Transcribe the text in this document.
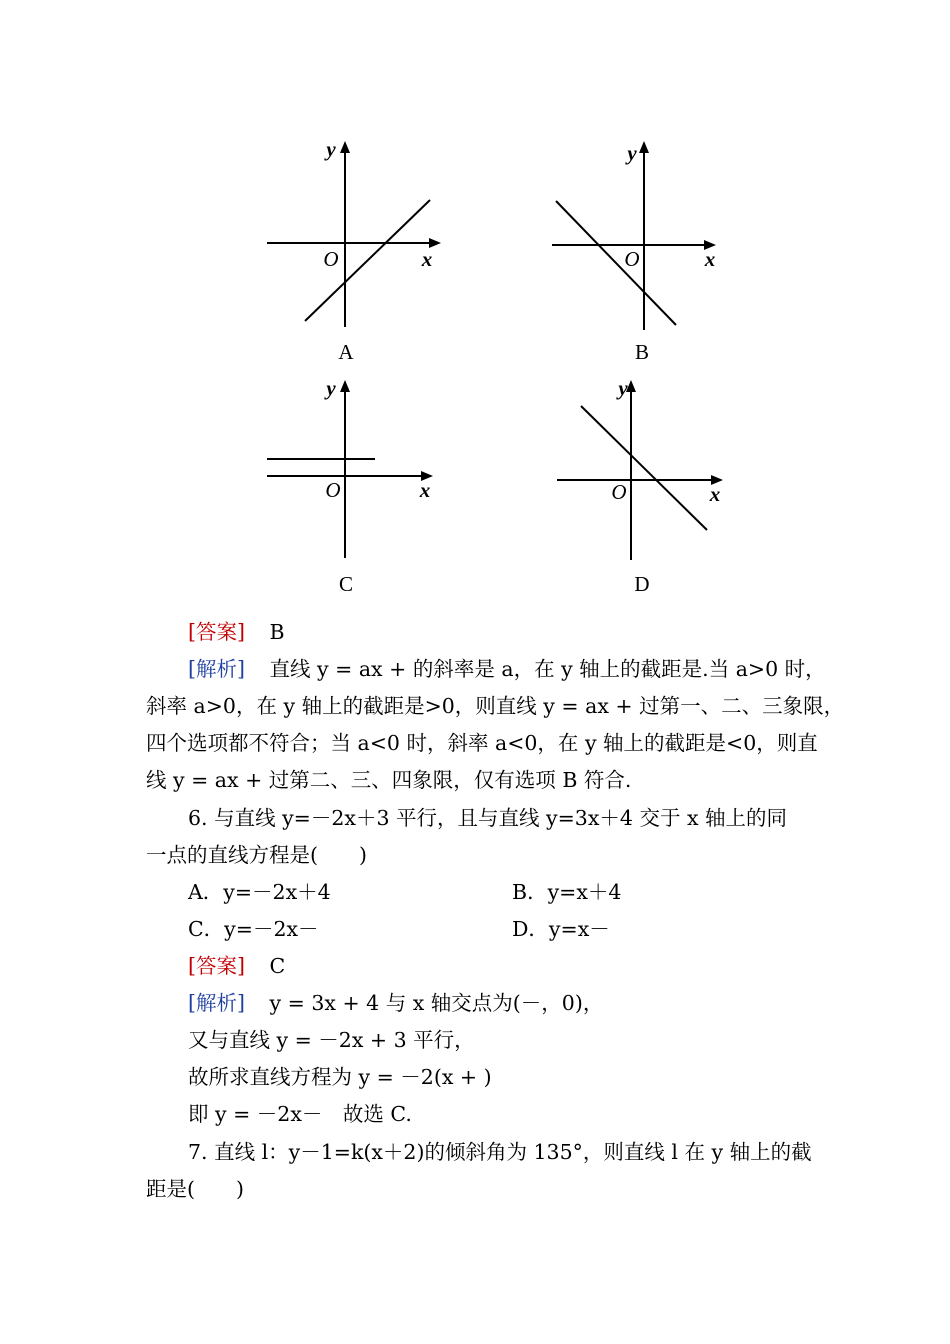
y
x
O
A
y
x
O
B
y
x
O
C
y
x
O
D
[答案] B
[解析] 直线 y = ax + 的斜率是 a，在 y 轴上的截距是.当 a>0 时，
斜率 a>0，在 y 轴上的截距是>0，则直线 y = ax + 过第一、二、三象限，
四个选项都不符合；当 a<0 时，斜率 a<0，在 y 轴上的截距是<0，则直
线 y = ax + 过第二、三、四象限，仅有选项 B 符合.
6. 与直线 y=－2x＋3 平行，且与直线 y=3x＋4 交于 x 轴上的同
一点的直线方程是(　　)
A．y=－2x＋4	B．y=x＋4
C．y=－2x－	D．y=x－
[答案] C
[解析] y = 3x + 4 与 x 轴交点为(－，0)，
又与直线 y = －2x + 3 平行，
故所求直线方程为 y = －2(x + )
即 y = －2x－　故选 C.
7. 直线 l：y－1=k(x＋2)的倾斜角为 135°，则直线 l 在 y 轴上的截
距是(　　)
